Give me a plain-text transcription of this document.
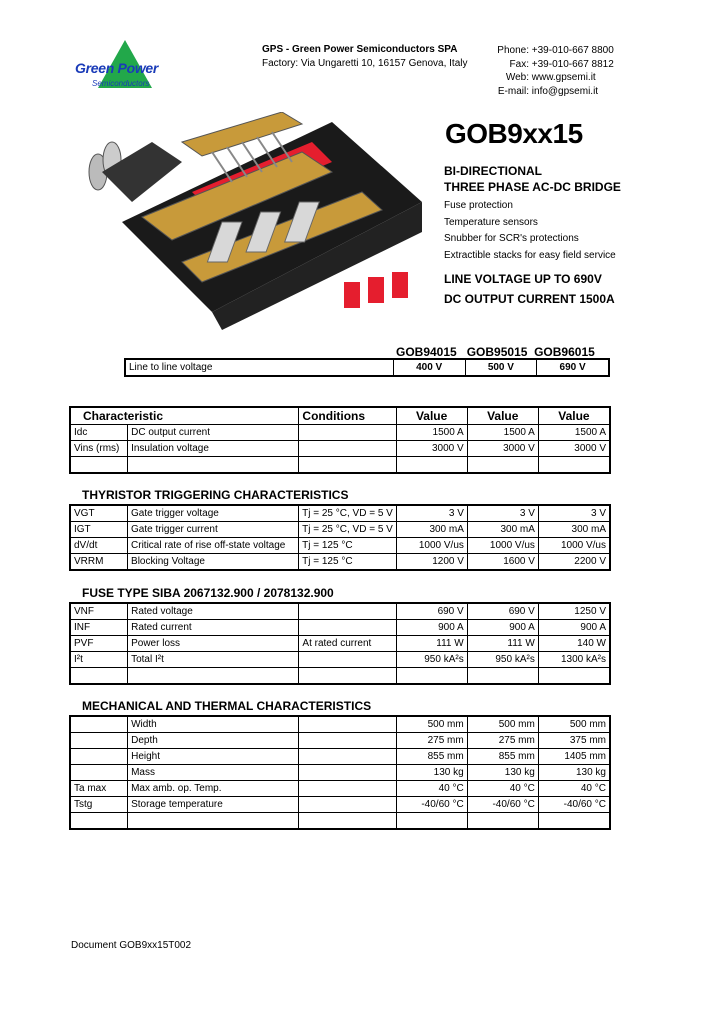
Green Power
Semiconductors
GPS - Green Power Semiconductors SPA
Factory: Via Ungaretti 10, 16157 Genova, Italy
Phone: +39-010-667 8800
Fax: +39-010-667 8812
Web: www.gpsemi.it
E-mail: info@gpsemi.it
GOB9xx15
BI-DIRECTIONAL
THREE PHASE AC-DC BRIDGE
Fuse protection
Temperature sensors
Snubber for SCR's protections
Extractible stacks for easy field service
LINE VOLTAGE UP TO 690V
DC OUTPUT CURRENT 1500A
GOB94015 GOB95015 GOB96015
Line to line voltage	400 V	500 V	690 V
Characteristic		Conditions	Value	Value	Value
Idc	DC output current		1500 A	1500 A	1500 A
Vins (rms)	Insulation voltage		3000 V	3000 V	3000 V

THYRISTOR TRIGGERING CHARACTERISTICS
VGT	Gate trigger voltage	Tj = 25 °C, VD = 5 V	3 V	3 V	3 V
IGT	Gate trigger current	Tj = 25 °C, VD = 5 V	300 mA	300 mA	300 mA
dV/dt	Critical rate of rise off-state voltage	Tj = 125 °C	1000 V/us	1000 V/us	1000 V/us
VRRM	Blocking Voltage	Tj = 125 °C	1200 V	1600 V	2200 V
FUSE TYPE SIBA 2067132.900 / 2078132.900
VNF	Rated voltage		690 V	690 V	1250 V
INF	Rated current		900 A	900 A	900 A
PVF	Power loss	At rated current	111 W	111 W	140 W
I²t	Total I²t		950 kA²s	950 kA²s	1300 kA²s

MECHANICAL AND THERMAL CHARACTERISTICS
	Width		500 mm	500 mm	500 mm
	Depth		275 mm	275 mm	375 mm
	Height		855 mm	855 mm	1405 mm
	Mass		130 kg	130 kg	130 kg
Ta max	Max amb. op. Temp.		40 °C	40 °C	40 °C
Tstg	Storage temperature		-40/60 °C	-40/60 °C	-40/60 °C

Document GOB9xx15T002
